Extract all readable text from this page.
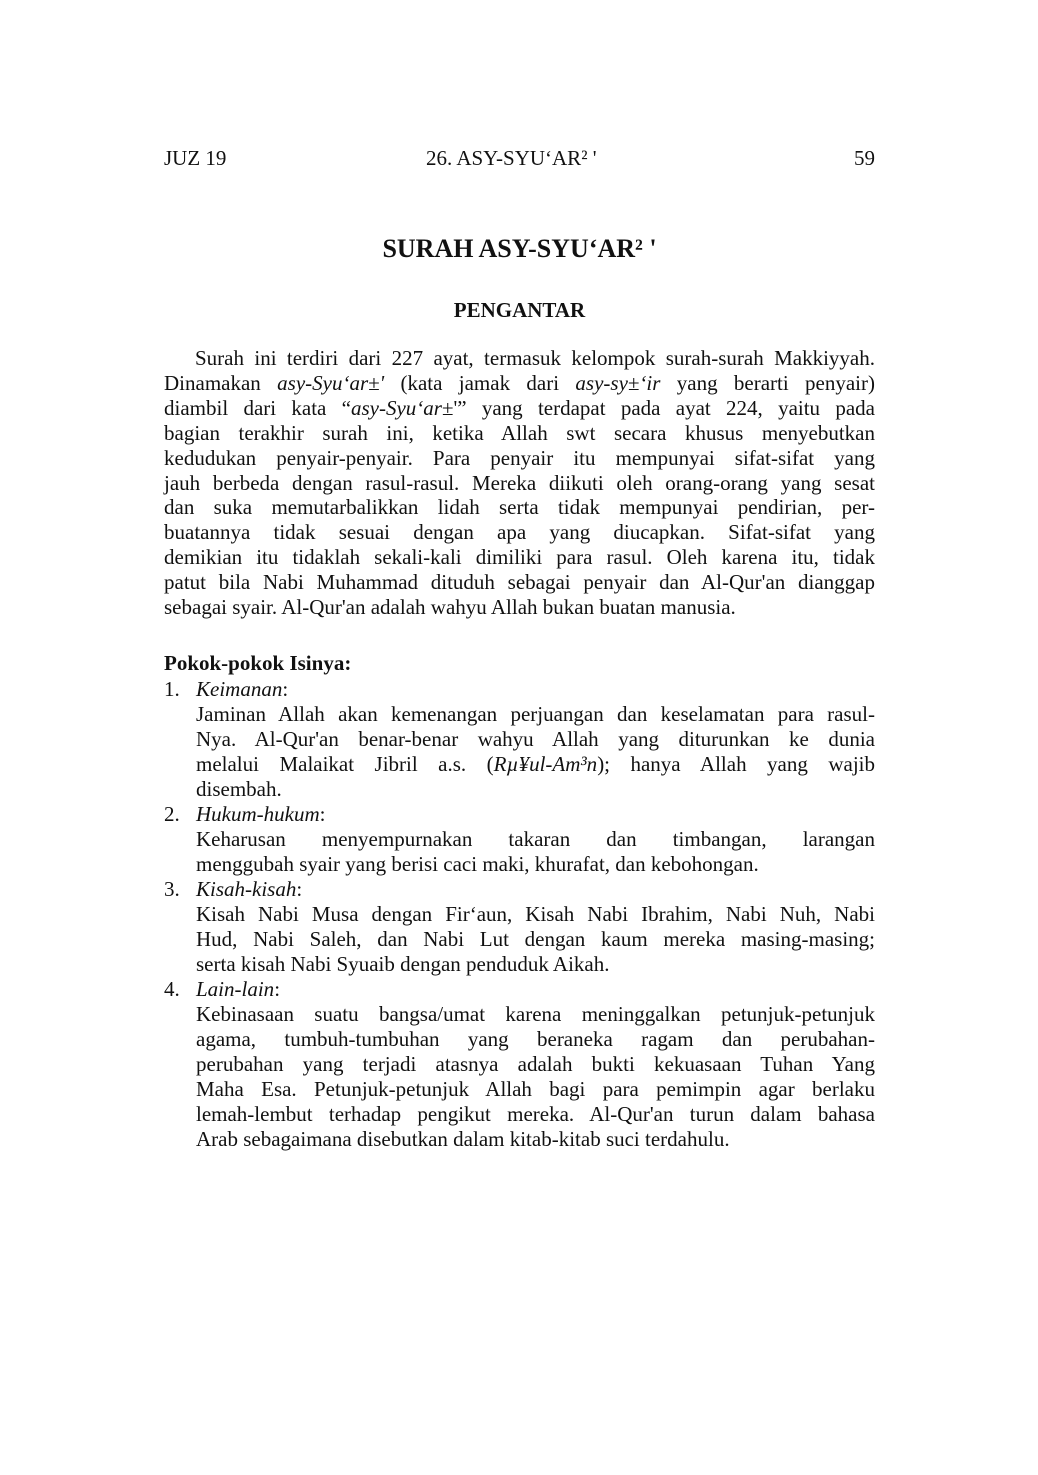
JUZ 19	26. ASY-SYU‘AR² '	59
SURAH ASY-SYU‘AR² '
PENGANTAR
Surah ini terdiri dari 227 ayat, termasuk kelompok surah-surah Makkiyyah.
Dinamakan asy-Syu‘ar±' (kata jamak dari asy-sy±‘ir yang berarti penyair)
diambil dari kata “asy-Syu‘ar±'” yang terdapat pada ayat 224, yaitu pada
bagian terakhir surah ini, ketika Allah swt secara khusus menyebutkan
kedudukan penyair-penyair. Para penyair itu mempunyai sifat-sifat yang
jauh berbeda dengan rasul-rasul. Mereka diikuti oleh orang-orang yang sesat
dan suka memutarbalikkan lidah serta tidak mempunyai pendirian, per-
buatannya tidak sesuai dengan apa yang diucapkan. Sifat-sifat yang
demikian itu tidaklah sekali-kali dimiliki para rasul. Oleh karena itu, tidak
patut bila Nabi Muhammad dituduh sebagai penyair dan Al-Qur'an dianggap
sebagai syair. Al-Qur'an adalah wahyu Allah bukan buatan manusia.
Pokok-pokok Isinya:
1. Keimanan:
Jaminan Allah akan kemenangan perjuangan dan keselamatan para rasul-
Nya. Al-Qur'an benar-benar wahyu Allah yang diturunkan ke dunia
melalui Malaikat Jibril a.s. (Rµ¥ul-Am³n); hanya Allah yang wajib
disembah.
2. Hukum-hukum:
Keharusan menyempurnakan takaran dan timbangan, larangan
menggubah syair yang berisi caci maki, khurafat, dan kebohongan.
3. Kisah-kisah:
Kisah Nabi Musa dengan Fir‘aun, Kisah Nabi Ibrahim, Nabi Nuh, Nabi
Hud, Nabi Saleh, dan Nabi Lut dengan kaum mereka masing-masing;
serta kisah Nabi Syuaib dengan penduduk Aikah.
4. Lain-lain:
Kebinasaan suatu bangsa/umat karena meninggalkan petunjuk-petunjuk
agama, tumbuh-tumbuhan yang beraneka ragam dan perubahan-
perubahan yang terjadi atasnya adalah bukti kekuasaan Tuhan Yang
Maha Esa. Petunjuk-petunjuk Allah bagi para pemimpin agar berlaku
lemah-lembut terhadap pengikut mereka. Al-Qur'an turun dalam bahasa
Arab sebagaimana disebutkan dalam kitab-kitab suci terdahulu.
